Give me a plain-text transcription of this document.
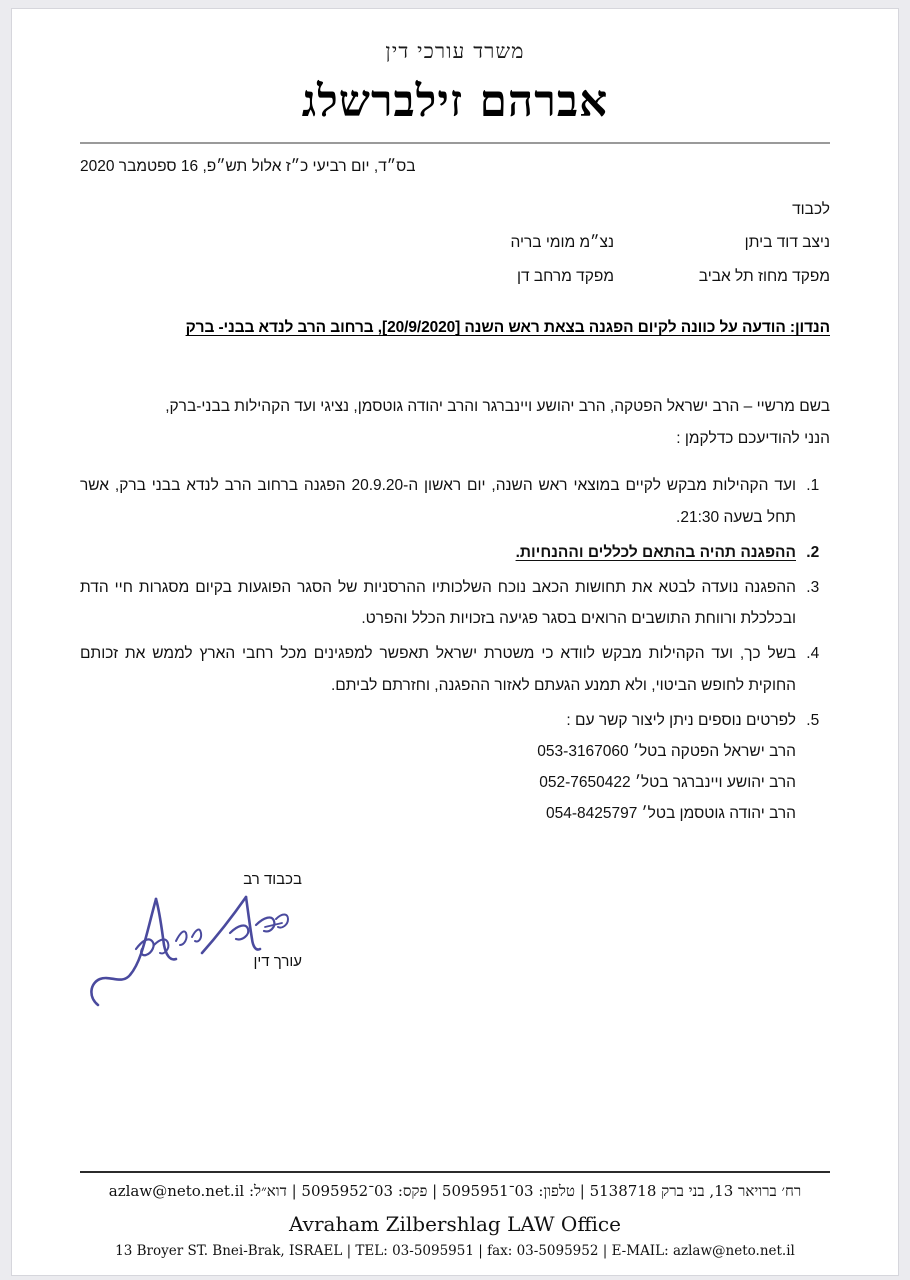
משרד עורכי דין
אברהם זילברשלג
בס״ד, יום רביעי כ״ז אלול תש״פ, 16 ספטמבר 2020
לכבוד
ניצב דוד ביתן
נצ״מ מומי בריה
מפקד מחוז תל אביב
מפקד מרחב דן
הנדון: הודעה על כוונה לקיום הפגנה בצאת ראש השנה [20/9/2020], ברחוב הרב לנדא בבני- ברק
בשם מרשיי – הרב ישראל הפטקה, הרב יהושע ויינברגר והרב יהודה גוטסמן, נציגי ועד הקהילות בבני-ברק,
הנני להודיעכם כדלקמן :
1. ועד הקהילות מבקש לקיים במוצאי ראש השנה, יום ראשון ה-20.9.20 הפגנה ברחוב הרב לנדא בבני ברק, אשר תחל בשעה 21:30.
2. ההפגנה תהיה בהתאם לכללים וההנחיות.
3. ההפגנה נועדה לבטא את תחושות הכאב נוכח השלכותיו ההרסניות של הסגר הפוגעות בקיום מסגרות חיי הדת ובכלכלת ורווחת התושבים הרואים בסגר פגיעה בזכויות הכלל והפרט.
4. בשל כך, ועד הקהילות מבקש לוודא כי משטרת ישראל תאפשר למפגינים מכל רחבי הארץ לממש את זכותם החוקית לחופש הביטוי, ולא תמנע הגעתם לאזור ההפגנה, וחזרתם לביתם.
5. לפרטים נוספים ניתן ליצור קשר עם :
הרב ישראל הפטקה בטל׳ 053-3167060
הרב יהושע ויינברגר בטל׳ 052-7650422
הרב יהודה גוטסמן בטל׳ 054-8425797
בכבוד רב
עורך דין
רח׳ ברויאר 13, בני ברק 5138718 | טלפון: 03־5095951 | פקס: 03־5095952 | דוא״ל: azlaw@neto.net.il
Avraham Zilbershlag LAW Office
13 Broyer ST. Bnei-Brak, ISRAEL | TEL: 03-5095951 | fax: 03-5095952 | E-MAIL: azlaw@neto.net.il
